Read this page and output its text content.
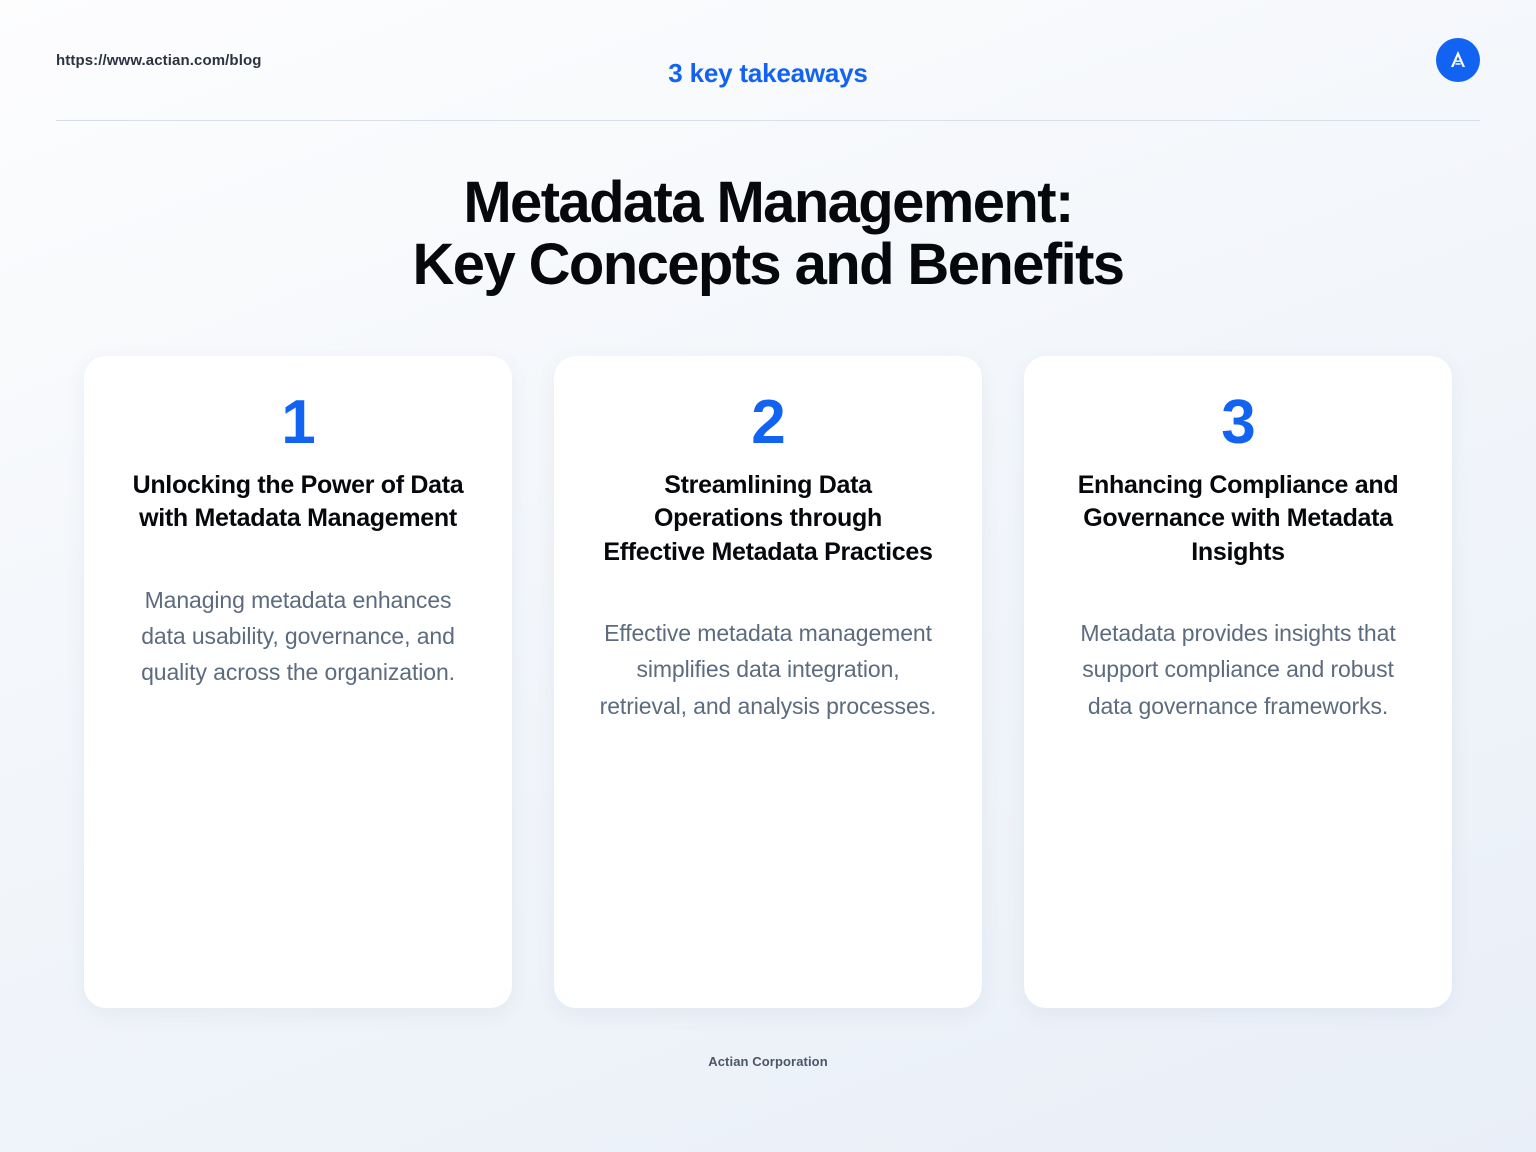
https://www.actian.com/blog	3 key takeaways
Metadata Management:
Key Concepts and Benefits
1
Unlocking the Power of Data with Metadata Management
Managing metadata enhances data usability, governance, and quality across the organization.
2
Streamlining Data Operations through Effective Metadata Practices
Effective metadata management simplifies data integration, retrieval, and analysis processes.
3
Enhancing Compliance and Governance with Metadata Insights
Metadata provides insights that support compliance and robust data governance frameworks.
Actian Corporation
